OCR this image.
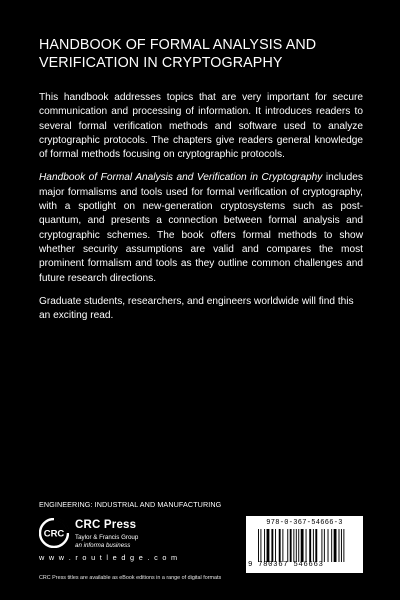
HANDBOOK OF FORMAL ANALYSIS AND
VERIFICATION IN CRYPTOGRAPHY

This handbook addresses topics that are very important for secure communication and processing of information. It introduces readers to several formal verification methods and software used to analyze cryptographic protocols. The chapters give readers general knowledge of formal methods focusing on cryptographic protocols.

Handbook of Formal Analysis and Verification in Cryptography includes major formalisms and tools used for formal verification of cryptography, with a spotlight on new-generation cryptosystems such as post-quantum, and presents a connection between formal analysis and cryptographic schemes. The book offers formal methods to show whether security assumptions are valid and compares the most prominent formalism and tools as they outline common challenges and future research directions.

Graduate students, researchers, and engineers worldwide will find this an exciting read.

ENGINEERING: INDUSTRIAL AND MANUFACTURING
CRC
CRC Press
Taylor & Francis Group
an informa business
w w w . r o u t l e d g e . c o m
CRC Press titles are available as eBook editions in a range of digital formats
978-0-367-54666-3
9 780367 546663
